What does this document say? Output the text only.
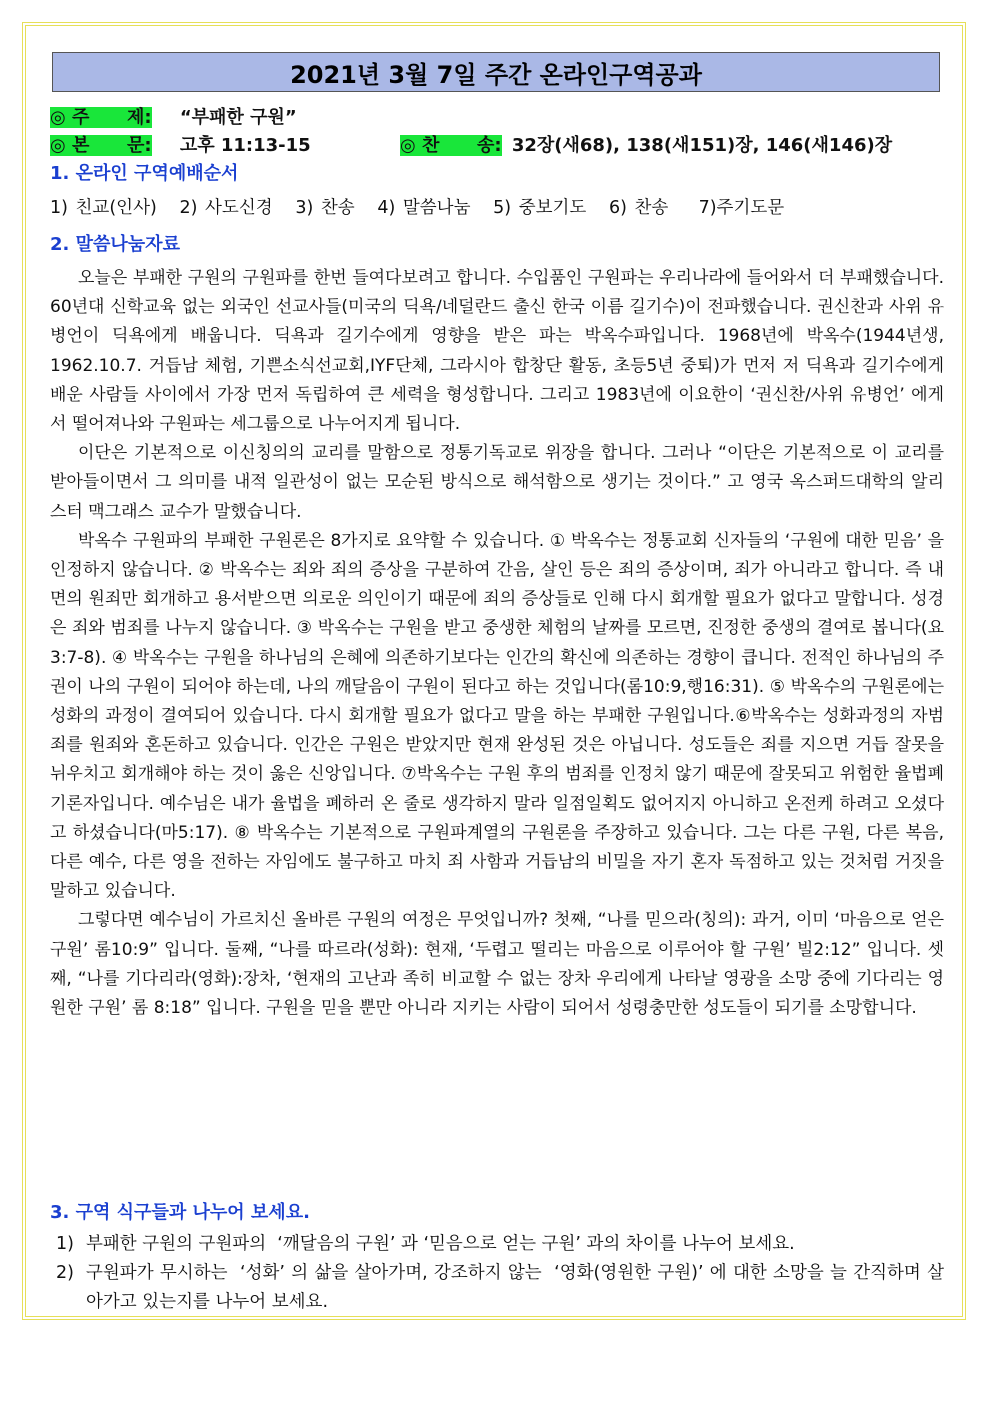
2021년 3월 7일 주간 온라인구역공과
◎ 주      제: “부패한 구원”
◎ 본      문: 고후 11:13-15	◎ 찬      송: 32장(새68), 138(새151)장, 146(새146)장
1. 온라인 구역예배순서
1) 친교(인사)   2) 사도신경   3) 찬송   4) 말씀나눔   5) 중보기도   6) 찬송    7)주기도문
2. 말씀나눔자료

오늘은 부패한 구원의 구원파를 한번 들여다보려고 합니다. 수입품인 구원파는 우리나라에 들어와서 더 부패했습니다. 60년대 신학교육 없는 외국인 선교사들(미국의 딕욕/네덜란드 출신 한국 이름 길기수)이 전파했습니다. 권신찬과 사위 유병언이 딕욕에게 배웁니다. 딕욕과 길기수에게 영향을 받은 파는 박옥수파입니다. 1968년에 박옥수(1944년생, 1962.10.7. 거듭남 체험, 기쁜소식선교회,IYF단체, 그라시아 합창단 활동, 초등5년 중퇴)가 먼저 저 딕욕과 길기수에게 배운 사람들 사이에서 가장 먼저 독립하여 큰 세력을 형성합니다. 그리고 1983년에 이요한이 ‘권신찬/사위 유병언’ 에게서 떨어져나와 구원파는 세그룹으로 나누어지게 됩니다.

이단은 기본적으로 이신칭의의 교리를 말함으로 정통기독교로 위장을 합니다. 그러나 “이단은 기본적으로 이 교리를 받아들이면서 그 의미를 내적 일관성이 없는 모순된 방식으로 해석함으로 생기는 것이다.” 고 영국 옥스퍼드대학의 알리스터 맥그래스 교수가 말했습니다.

박옥수 구원파의 부패한 구원론은 8가지로 요약할 수 있습니다. ① 박옥수는 정통교회 신자들의 ‘구원에 대한 믿음’ 을 인정하지 않습니다. ② 박옥수는 죄와 죄의 증상을 구분하여 간음, 살인 등은 죄의 증상이며, 죄가 아니라고 합니다. 즉 내면의 원죄만 회개하고 용서받으면 의로운 의인이기 때문에 죄의 증상들로 인해 다시 회개할 필요가 없다고 말합니다. 성경은 죄와 범죄를 나누지 않습니다. ③ 박옥수는 구원을 받고 중생한 체험의 날짜를 모르면, 진정한 중생의 결여로 봅니다(요3:7-8). ④ 박옥수는 구원을 하나님의 은혜에 의존하기보다는 인간의 확신에 의존하는 경향이 큽니다. 전적인 하나님의 주권이 나의 구원이 되어야 하는데, 나의 깨달음이 구원이 된다고 하는 것입니다(롬10:9,행16:31). ⑤ 박옥수의 구원론에는 성화의 과정이 결여되어 있습니다. 다시 회개할 필요가 없다고 말을 하는 부패한 구원입니다.⑥박옥수는 성화과정의 자범죄를 원죄와 혼돈하고 있습니다. 인간은 구원은 받았지만 현재 완성된 것은 아닙니다. 성도들은 죄를 지으면 거듭 잘못을 뉘우치고 회개해야 하는 것이 옳은 신앙입니다. ⑦박옥수는 구원 후의 범죄를 인정치 않기 때문에 잘못되고 위험한 율법폐기론자입니다. 예수님은 내가 율법을 폐하러 온 줄로 생각하지 말라 일점일획도 없어지지 아니하고 온전케 하려고 오셨다고 하셨습니다(마5:17). ⑧ 박옥수는 기본적으로 구원파계열의 구원론을 주장하고 있습니다. 그는 다른 구원, 다른 복음, 다른 예수, 다른 영을 전하는 자임에도 불구하고 마치 죄 사함과 거듭남의 비밀을 자기 혼자 독점하고 있는 것처럼 거짓을 말하고 있습니다.

그렇다면 예수님이 가르치신 올바른 구원의 여정은 무엇입니까? 첫째, “나를 믿으라(칭의): 과거, 이미 ‘마음으로 얻은 구원’ 롬10:9” 입니다. 둘째, “나를 따르라(성화): 현재, ‘두렵고 떨리는 마음으로 이루어야 할 구원’ 빌2:12” 입니다. 셋째, “나를 기다리라(영화):장차, ‘현재의 고난과 족히 비교할 수 없는 장차 우리에게 나타날 영광을 소망 중에 기다리는 영원한 구원’ 롬 8:18” 입니다. 구원을 믿을 뿐만 아니라 지키는 사람이 되어서 성령충만한 성도들이 되기를 소망합니다.

3. 구역 식구들과 나누어 보세요.
1) 부패한 구원의 구원파의  ‘깨달음의 구원’ 과 ‘믿음으로 얻는 구원’ 과의 차이를 나누어 보세요.
2) 구원파가 무시하는  ‘성화’ 의 삶을 살아가며, 강조하지 않는  ‘영화(영원한 구원)’ 에 대한 소망을 늘 간직하며 살아가고 있는지를 나누어 보세요.
